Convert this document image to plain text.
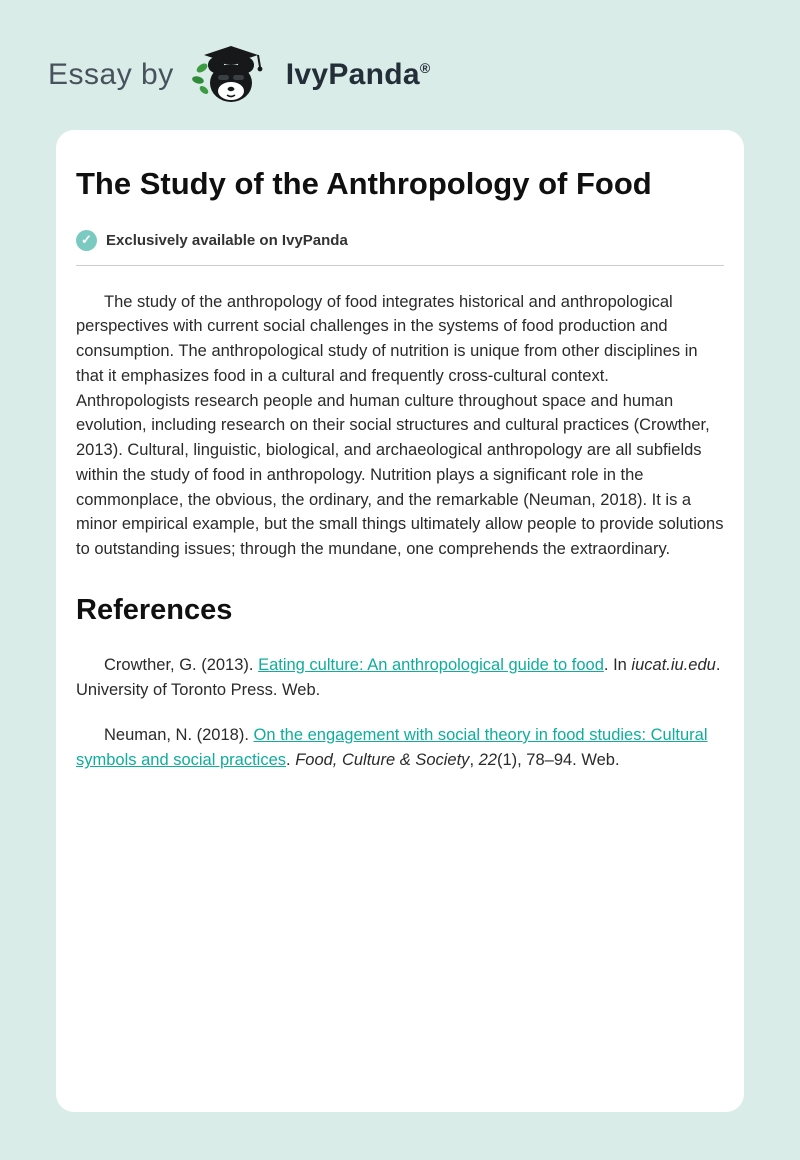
Essay by	IvyPanda®
The Study of the Anthropology of Food
✓ Exclusively available on IvyPanda

The study of the anthropology of food integrates historical and anthropological perspectives with current social challenges in the systems of food production and consumption. The anthropological study of nutrition is unique from other disciplines in that it emphasizes food in a cultural and frequently cross-cultural context. Anthropologists research people and human culture throughout space and human evolution, including research on their social structures and cultural practices (Crowther, 2013). Cultural, linguistic, biological, and archaeological anthropology are all subfields within the study of food in anthropology. Nutrition plays a significant role in the commonplace, the obvious, the ordinary, and the remarkable (Neuman, 2018). It is a minor empirical example, but the small things ultimately allow people to provide solutions to outstanding issues; through the mundane, one comprehends the extraordinary.

References

Crowther, G. (2013). Eating culture: An anthropological guide to food. In iucat.iu.edu. University of Toronto Press. Web.

Neuman, N. (2018). On the engagement with social theory in food studies: Cultural symbols and social practices. Food, Culture & Society, 22(1), 78–94. Web.
